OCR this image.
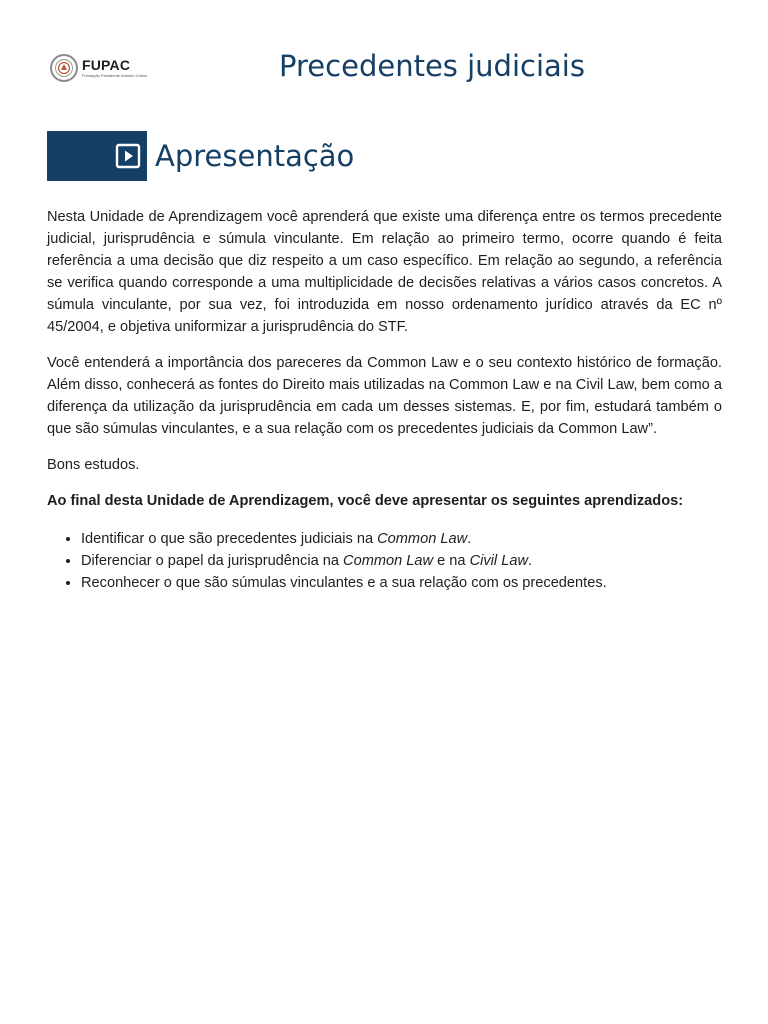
FUPAC
Fundação Presidente Antônio Carlos	Precedentes judiciais
Apresentação

Nesta Unidade de Aprendizagem você aprenderá que existe uma diferença entre os termos precedente judicial, jurisprudência e súmula vinculante. Em relação ao primeiro termo, ocorre quando é feita referência a uma decisão que diz respeito a um caso específico. Em relação ao segundo, a referência se verifica quando corresponde a uma multiplicidade de decisões relativas a vários casos concretos. A súmula vinculante, por sua vez, foi introduzida em nosso ordenamento jurídico através da EC nº 45/2004, e objetiva uniformizar a jurisprudência do STF.

Você entenderá a importância dos pareceres da Common Law e o seu contexto histórico de formação. Além disso, conhecerá as fontes do Direito mais utilizadas na Common Law e na Civil Law, bem como a diferença da utilização da jurisprudência em cada um desses sistemas. E, por fim, estudará também o que são súmulas vinculantes, e a sua relação com os precedentes judiciais da Common Law”.

Bons estudos.

Ao final desta Unidade de Aprendizagem, você deve apresentar os seguintes aprendizados:

• Identificar o que são precedentes judiciais na Common Law.
• Diferenciar o papel da jurisprudência na Common Law e na Civil Law.
• Reconhecer o que são súmulas vinculantes e a sua relação com os precedentes.
